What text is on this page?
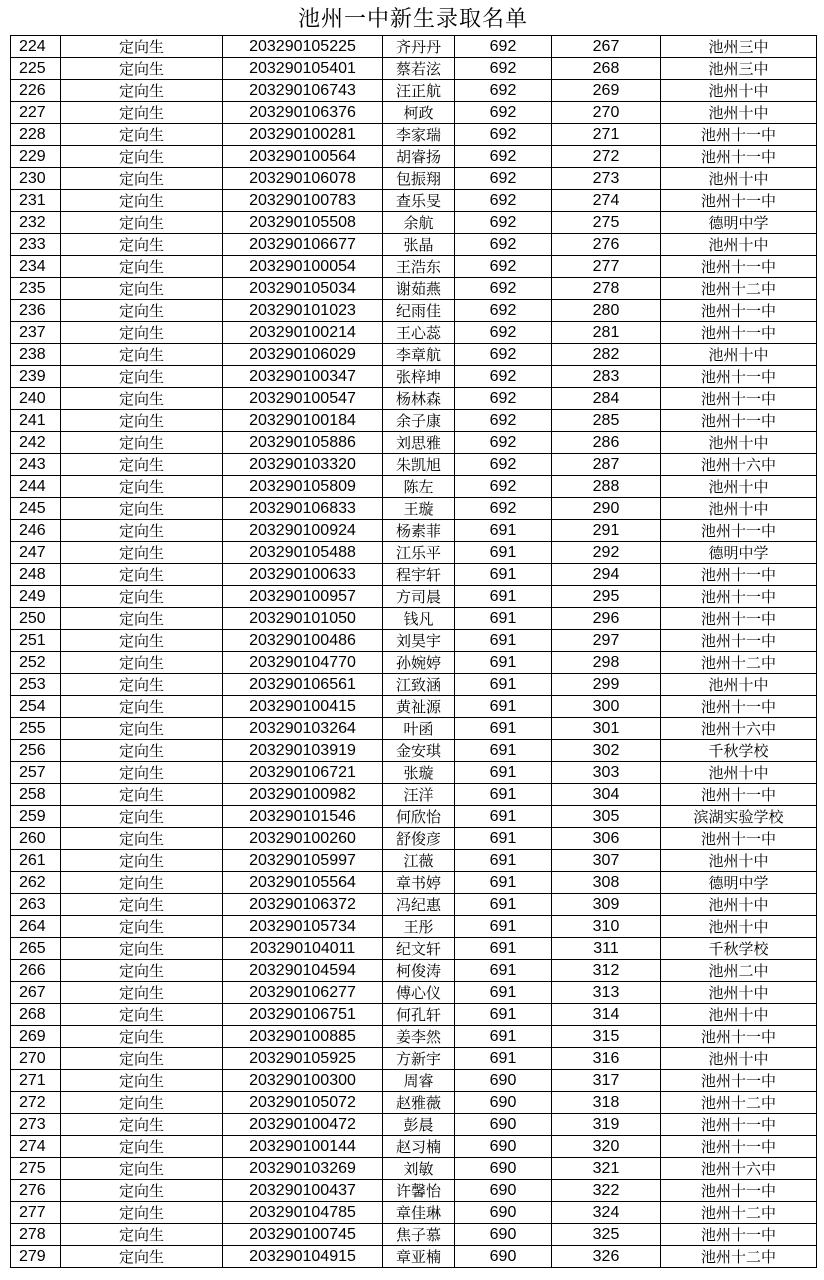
池州一中新生录取名单
224	定向生	203290105225	齐丹丹	692	267	池州三中
225	定向生	203290105401	蔡若泫	692	268	池州三中
226	定向生	203290106743	汪正航	692	269	池州十中
227	定向生	203290106376	柯政	692	270	池州十中
228	定向生	203290100281	李家瑞	692	271	池州十一中
229	定向生	203290100564	胡睿扬	692	272	池州十一中
230	定向生	203290106078	包振翔	692	273	池州十中
231	定向生	203290100783	查乐旻	692	274	池州十一中
232	定向生	203290105508	余航	692	275	德明中学
233	定向生	203290106677	张晶	692	276	池州十中
234	定向生	203290100054	王浩东	692	277	池州十一中
235	定向生	203290105034	谢茹燕	692	278	池州十二中
236	定向生	203290101023	纪雨佳	692	280	池州十一中
237	定向生	203290100214	王心蕊	692	281	池州十一中
238	定向生	203290106029	李章航	692	282	池州十中
239	定向生	203290100347	张梓坤	692	283	池州十一中
240	定向生	203290100547	杨林森	692	284	池州十一中
241	定向生	203290100184	余子康	692	285	池州十一中
242	定向生	203290105886	刘思雅	692	286	池州十中
243	定向生	203290103320	朱凯旭	692	287	池州十六中
244	定向生	203290105809	陈左	692	288	池州十中
245	定向生	203290106833	王璇	692	290	池州十中
246	定向生	203290100924	杨素菲	691	291	池州十一中
247	定向生	203290105488	江乐平	691	292	德明中学
248	定向生	203290100633	程宇轩	691	294	池州十一中
249	定向生	203290100957	方司晨	691	295	池州十一中
250	定向生	203290101050	钱凡	691	296	池州十一中
251	定向生	203290100486	刘昊宇	691	297	池州十一中
252	定向生	203290104770	孙婉婷	691	298	池州十二中
253	定向生	203290106561	江致涵	691	299	池州十中
254	定向生	203290100415	黄祉源	691	300	池州十一中
255	定向生	203290103264	叶函	691	301	池州十六中
256	定向生	203290103919	金安琪	691	302	千秋学校
257	定向生	203290106721	张璇	691	303	池州十中
258	定向生	203290100982	汪洋	691	304	池州十一中
259	定向生	203290101546	何欣怡	691	305	滨湖实验学校
260	定向生	203290100260	舒俊彦	691	306	池州十一中
261	定向生	203290105997	江薇	691	307	池州十中
262	定向生	203290105564	章书婷	691	308	德明中学
263	定向生	203290106372	冯纪惠	691	309	池州十中
264	定向生	203290105734	王彤	691	310	池州十中
265	定向生	203290104011	纪文轩	691	311	千秋学校
266	定向生	203290104594	柯俊涛	691	312	池州二中
267	定向生	203290106277	傅心仪	691	313	池州十中
268	定向生	203290106751	何孔轩	691	314	池州十中
269	定向生	203290100885	姜李然	691	315	池州十一中
270	定向生	203290105925	方新宇	691	316	池州十中
271	定向生	203290100300	周睿	690	317	池州十一中
272	定向生	203290105072	赵雅薇	690	318	池州十二中
273	定向生	203290100472	彭晨	690	319	池州十一中
274	定向生	203290100144	赵习楠	690	320	池州十一中
275	定向生	203290103269	刘敏	690	321	池州十六中
276	定向生	203290100437	许馨怡	690	322	池州十一中
277	定向生	203290104785	章佳琳	690	324	池州十二中
278	定向生	203290100745	焦子慕	690	325	池州十一中
279	定向生	203290104915	章亚楠	690	326	池州十二中
